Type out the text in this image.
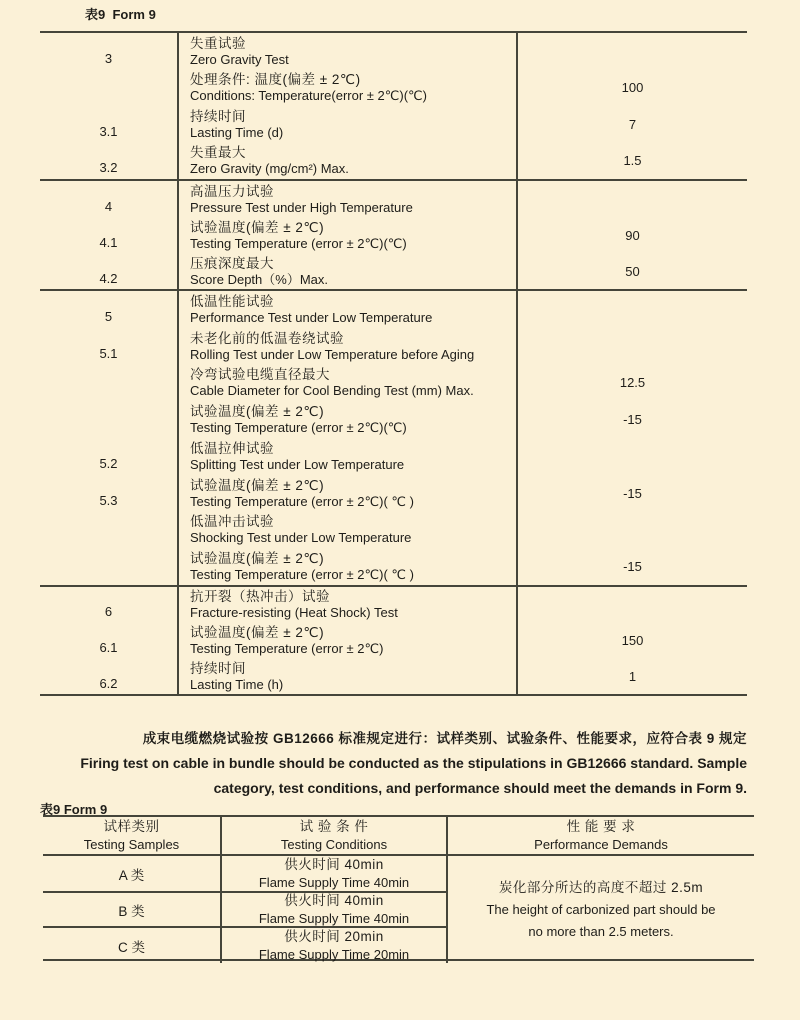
表9  Form 9
3
失重试验
Zero Gravity Test
处理条件: 温度(偏差 ± 2℃)
Conditions: Temperature(error ± 2℃)(℃)
100
3.1
持续时间
Lasting Time (d)
7
3.2
失重最大
Zero Gravity (mg/cm²) Max.
1.5
4
高温压力试验
Pressure Test under High Temperature
4.1
试验温度(偏差 ± 2℃)
Testing Temperature (error ± 2℃)(℃)
90
4.2
压痕深度最大
Score Depth（%）Max.
50
5
低温性能试验
Performance Test under Low Temperature
5.1
未老化前的低温卷绕试验
Rolling Test under Low Temperature before Aging
冷弯试验电缆直径最大
Cable Diameter for Cool Bending Test (mm) Max.
12.5
试验温度(偏差 ± 2℃)
Testing Temperature (error ± 2℃)(℃)
-15
5.2
低温拉伸试验
Splitting Test under Low Temperature
5.3
试验温度(偏差 ± 2℃)
Testing Temperature (error ± 2℃)( ℃ )
-15
低温冲击试验
Shocking Test under Low Temperature
试验温度(偏差 ± 2℃)
Testing Temperature (error ± 2℃)( ℃ )
-15
6
抗开裂（热冲击）试验
Fracture-resisting (Heat Shock) Test
6.1
试验温度(偏差 ± 2℃)
Testing Temperature (error ± 2℃)
150
6.2
持续时间
Lasting Time (h)
1
成束电缆燃烧试验按 GB12666 标准规定进行：试样类别、试验条件、性能要求，应符合表 9 规定
Firing test on cable in bundle should be conducted as the stipulations in GB12666 standard. Sample
category, test conditions, and performance should meet the demands in Form 9.
表9 Form 9
试样类别
Testing Samples
试 验 条 件
Testing Conditions
性 能 要 求
Performance Demands
A 类
供火时间 40min
Flame Supply Time 40min
B 类
供火时间 40min
Flame Supply Time 40min
C 类
供火时间 20min
Flame Supply Time 20min
炭化部分所达的高度不超过 2.5m
The height of carbonized part should be
no more than 2.5 meters.
